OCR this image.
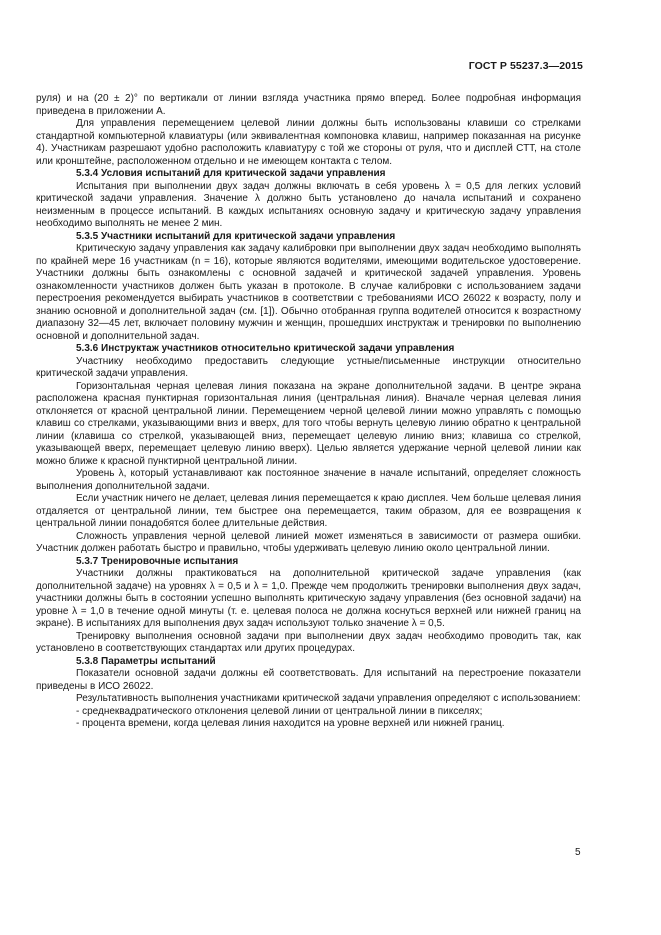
ГОСТ Р 55237.3—2015

руля) и на (20 ± 2)° по вертикали от линии взгляда участника прямо вперед. Более подробная информация приведена в приложении А.

Для управления перемещением целевой линии должны быть использованы клавиши со стрелками стандартной компьютерной клавиатуры (или эквивалентная компоновка клавиш, например показанная на рисунке 4). Участникам разрешают удобно расположить клавиатуру с той же стороны от руля, что и дисплей СТТ, на столе или кронштейне, расположенном отдельно и не имеющем контакта с телом.

5.3.4 Условия испытаний для критической задачи управления

Испытания при выполнении двух задач должны включать в себя уровень λ = 0,5 для легких условий критической задачи управления. Значение λ должно быть установлено до начала испытаний и сохранено неизменным в процессе испытаний. В каждых испытаниях основную задачу и критическую задачу управления необходимо выполнять не менее 2 мин.

5.3.5 Участники испытаний для критической задачи управления

Критическую задачу управления как задачу калибровки при выполнении двух задач необходимо выполнять по крайней мере 16 участникам (n = 16), которые являются водителями, имеющими водительское удостоверение. Участники должны быть ознакомлены с основной задачей и критической задачей управления. Уровень ознакомленности участников должен быть указан в протоколе. В случае калибровки с использованием задачи перестроения рекомендуется выбирать участников в соответствии с требованиями ИСО 26022 к возрасту, полу и знанию основной и дополнительной задач (см. [1]). Обычно отобранная группа водителей относится к возрастному диапазону 32—45 лет, включает половину мужчин и женщин, прошедших инструктаж и тренировки по выполнению основной и дополнительной задач.

5.3.6 Инструктаж участников относительно критической задачи управления

Участнику необходимо предоставить следующие устные/письменные инструкции относительно критической задачи управления.

Горизонтальная черная целевая линия показана на экране дополнительной задачи. В центре экрана расположена красная пунктирная горизонтальная линия (центральная линия). Вначале черная целевая линия отклоняется от красной центральной линии. Перемещением черной целевой линии можно управлять с помощью клавиш со стрелками, указывающими вниз и вверх, для того чтобы вернуть целевую линию обратно к центральной линии (клавиша со стрелкой, указывающей вниз, перемещает целевую линию вниз; клавиша со стрелкой, указывающей вверх, перемещает целевую линию вверх). Целью является удержание черной целевой линии как можно ближе к красной пунктирной центральной линии.

Уровень λ, который устанавливают как постоянное значение в начале испытаний, определяет сложность выполнения дополнительной задачи.

Если участник ничего не делает, целевая линия перемещается к краю дисплея. Чем больше целевая линия отдаляется от центральной линии, тем быстрее она перемещается, таким образом, для ее возвращения к центральной линии понадобятся более длительные действия.

Сложность управления черной целевой линией может изменяться в зависимости от размера ошибки. Участник должен работать быстро и правильно, чтобы удерживать целевую линию около центральной линии.

5.3.7 Тренировочные испытания

Участники должны практиковаться на дополнительной критической задаче управления (как дополнительной задаче) на уровнях λ = 0,5 и λ = 1,0. Прежде чем продолжить тренировки выполнения двух задач, участники должны быть в состоянии успешно выполнять критическую задачу управления (без основной задачи) на уровне λ = 1,0 в течение одной минуты (т. е. целевая полоса не должна коснуться верхней или нижней границ на экране). В испытаниях для выполнения двух задач используют только значение λ = 0,5.

Тренировку выполнения основной задачи при выполнении двух задач необходимо проводить так, как установлено в соответствующих стандартах или других процедурах.

5.3.8 Параметры испытаний

Показатели основной задачи должны ей соответствовать. Для испытаний на перестроение показатели приведены в ИСО 26022.

Результативность выполнения участниками критической задачи управления определяют с использованием:

- среднеквадратического отклонения целевой линии от центральной линии в пикселях;

- процента времени, когда целевая линия находится на уровне верхней или нижней границ.

5
